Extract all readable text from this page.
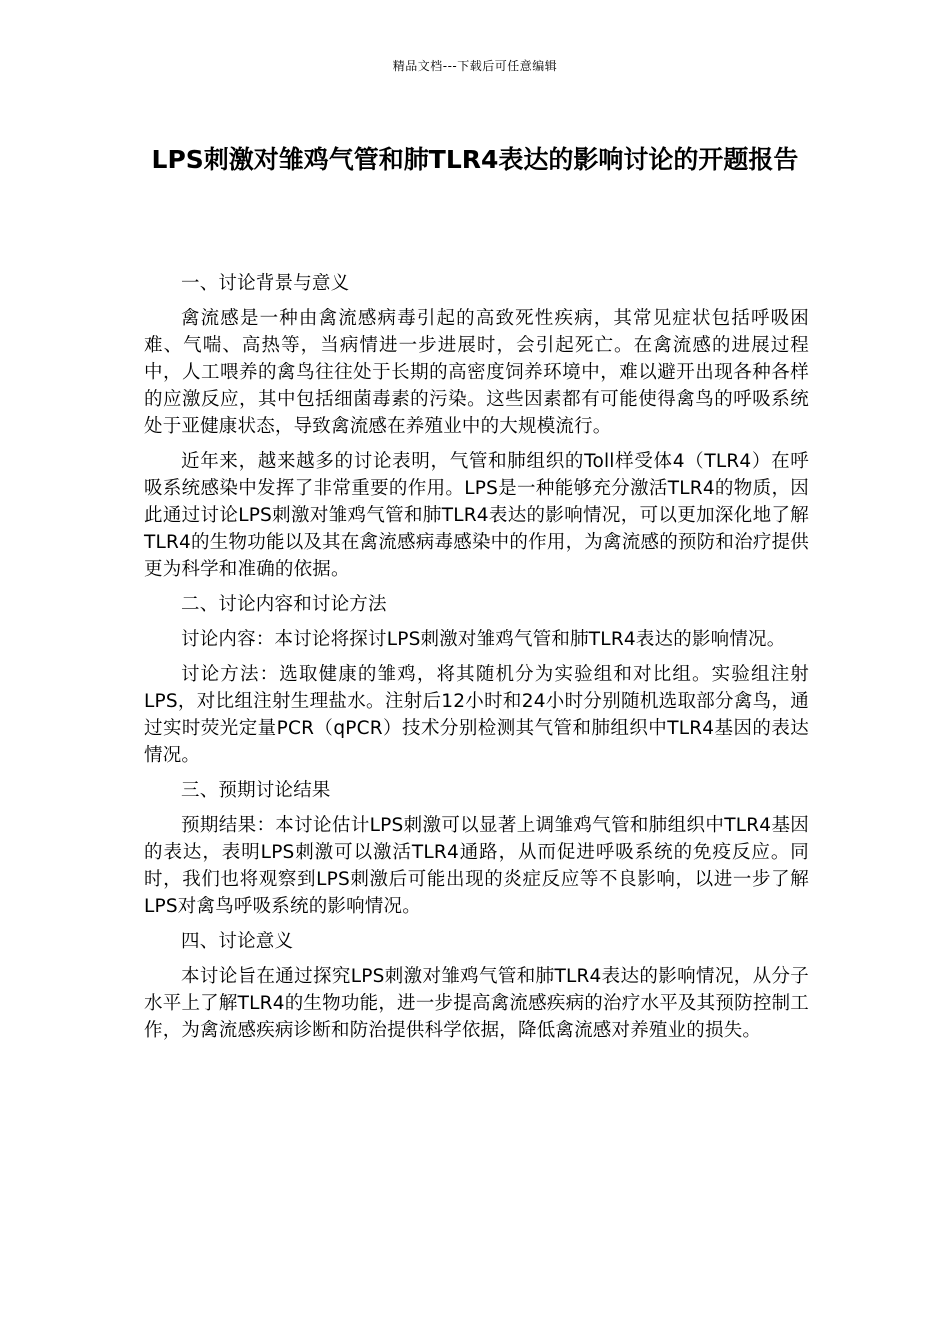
精品文档---下载后可任意编辑
LPS刺激对雏鸡气管和肺TLR4表达的影响讨论的开题报告
一、讨论背景与意义

禽流感是一种由禽流感病毒引起的高致死性疾病，其常见症状包括呼吸困难、气喘、高热等，当病情进一步进展时，会引起死亡。在禽流感的进展过程中，人工喂养的禽鸟往往处于长期的高密度饲养环境中，难以避开出现各种各样的应激反应，其中包括细菌毒素的污染。这些因素都有可能使得禽鸟的呼吸系统处于亚健康状态，导致禽流感在养殖业中的大规模流行。

近年来，越来越多的讨论表明，气管和肺组织的Toll样受体4（TLR4）在呼吸系统感染中发挥了非常重要的作用。LPS是一种能够充分激活TLR4的物质，因此通过讨论LPS刺激对雏鸡气管和肺TLR4表达的影响情况，可以更加深化地了解TLR4的生物功能以及其在禽流感病毒感染中的作用，为禽流感的预防和治疗提供更为科学和准确的依据。

二、讨论内容和讨论方法

讨论内容：本讨论将探讨LPS刺激对雏鸡气管和肺TLR4表达的影响情况。

讨论方法：选取健康的雏鸡，将其随机分为实验组和对比组。实验组注射LPS，对比组注射生理盐水。注射后12小时和24小时分别随机选取部分禽鸟，通过实时荧光定量PCR（qPCR）技术分别检测其气管和肺组织中TLR4基因的表达情况。

三、预期讨论结果

预期结果：本讨论估计LPS刺激可以显著上调雏鸡气管和肺组织中TLR4基因的表达，表明LPS刺激可以激活TLR4通路，从而促进呼吸系统的免疫反应。同时，我们也将观察到LPS刺激后可能出现的炎症反应等不良影响，以进一步了解LPS对禽鸟呼吸系统的影响情况。

四、讨论意义

本讨论旨在通过探究LPS刺激对雏鸡气管和肺TLR4表达的影响情况，从分子水平上了解TLR4的生物功能，进一步提高禽流感疾病的治疗水平及其预防控制工作，为禽流感疾病诊断和防治提供科学依据，降低禽流感对养殖业的损失。
